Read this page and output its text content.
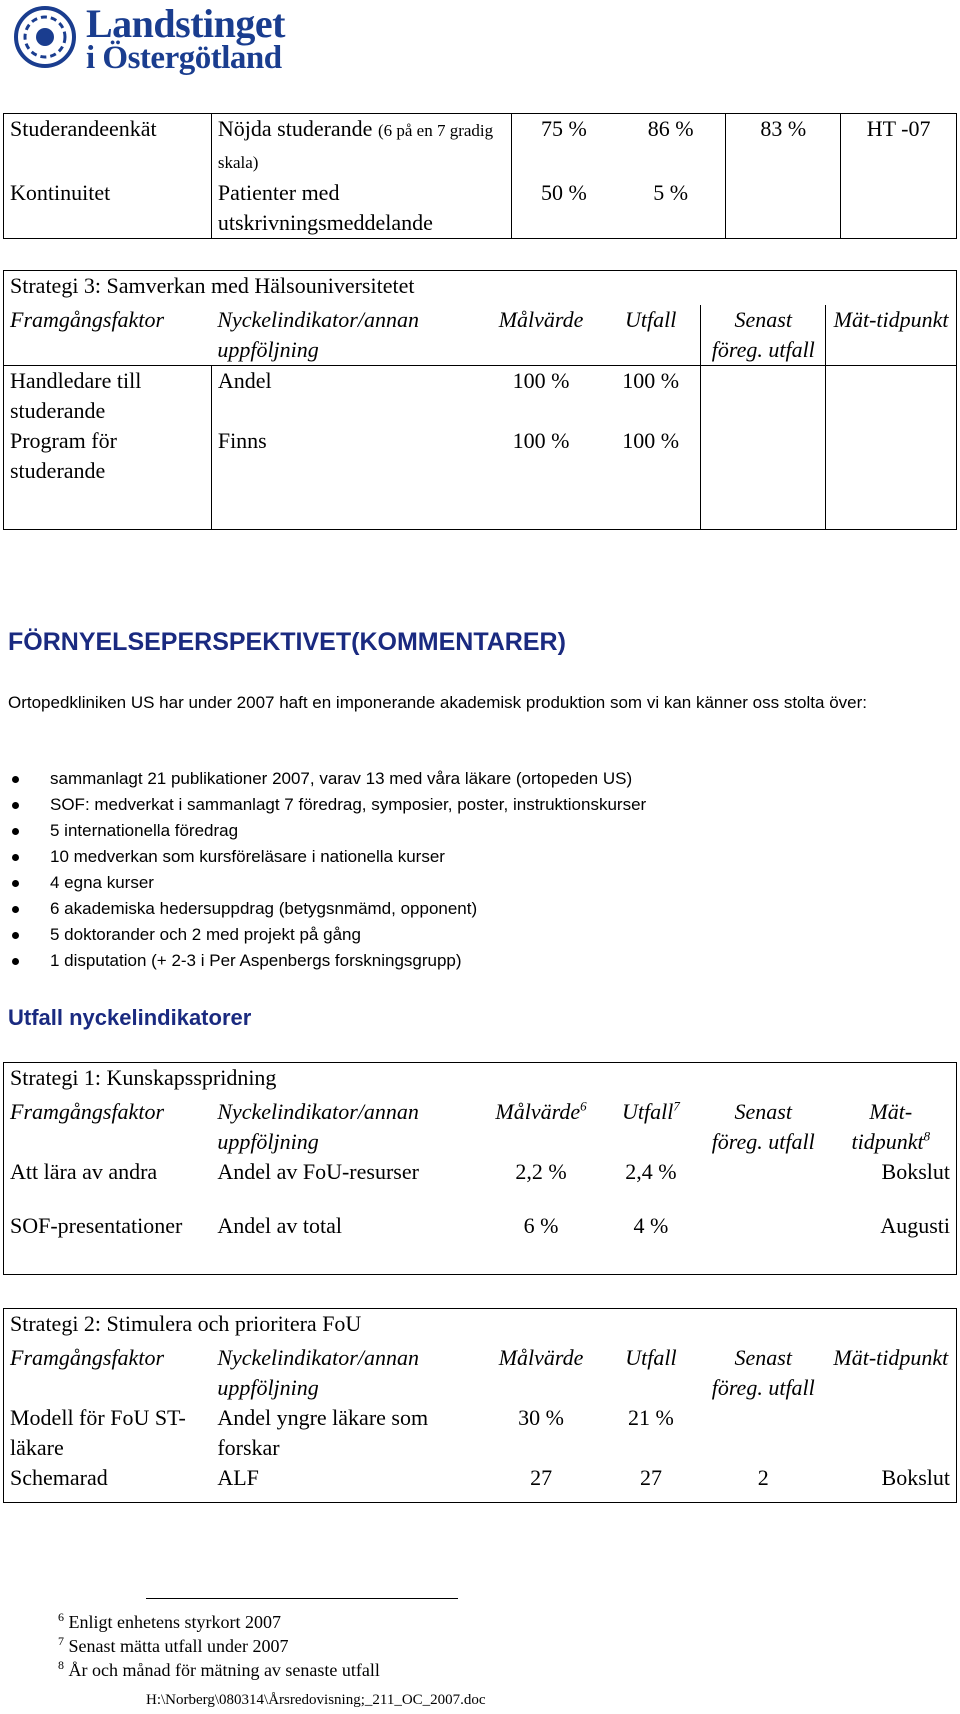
Landstinget
i Östergötland
Studerandeenkät	Nöjda studerande (6 på en 7 gradig skala)	75 %	86 %	83 %	HT -07
Kontinuitet	Patienter med utskrivningsmeddelande	50 %	5 %		
Strategi 3: Samverkan med Hälsouniversitetet					
Framgångsfaktor	Nyckelindikator/annan uppföljning	Målvärde	Utfall	Senast föreg. utfall	Mät-tidpunkt
Handledare till studerande	Andel	100 %	100 %		
Program för studerande	Finns	100 %	100 %		
FÖRNYELSEPERSPEKTIVET(KOMMENTARER)
Ortopedkliniken US har under 2007 haft en imponerande akademisk produktion som vi kan känner oss stolta över:
sammanlagt 21 publikationer 2007, varav 13 med våra läkare (ortopeden US)
SOF: medverkat i sammanlagt 7 föredrag, symposier, poster, instruktionskurser
5 internationella föredrag
10 medverkan som kursföreläsare i nationella kurser
4 egna kurser
6 akademiska hedersuppdrag (betygsnmämd, opponent)
5 doktorander och 2 med projekt på gång
1 disputation (+ 2-3 i Per Aspenbergs forskningsgrupp)
Utfall nyckelindikatorer
Strategi 1: Kunskapsspridning					
Framgångsfaktor	Nyckelindikator/annan uppföljning	Målvärde$^6$	Utfall$^7$	Senast föreg. utfall	Mät-tidpunkt$^8$
Att lära av andra	Andel av FoU-resurser	2,2 %	2,4 %		Bokslut
SOF-presentationer	Andel av total	6 %	4 %		Augusti
Strategi 2: Stimulera och prioritera FoU					
Framgångsfaktor	Nyckelindikator/annan uppföljning	Målvärde	Utfall	Senast föreg. utfall	Mät-tidpunkt
Modell för FoU ST-läkare	Andel yngre läkare som forskar	30 %	21 %		
Schemarad	ALF	27	27	2	Bokslut
$^6$ Enligt enhetens styrkort 2007
$^7$ Senast mätta utfall under 2007
$^8$ År och månad för mätning av senaste utfall
H:\Norberg\080314\Årsredovisning;_211_OC_2007.doc
